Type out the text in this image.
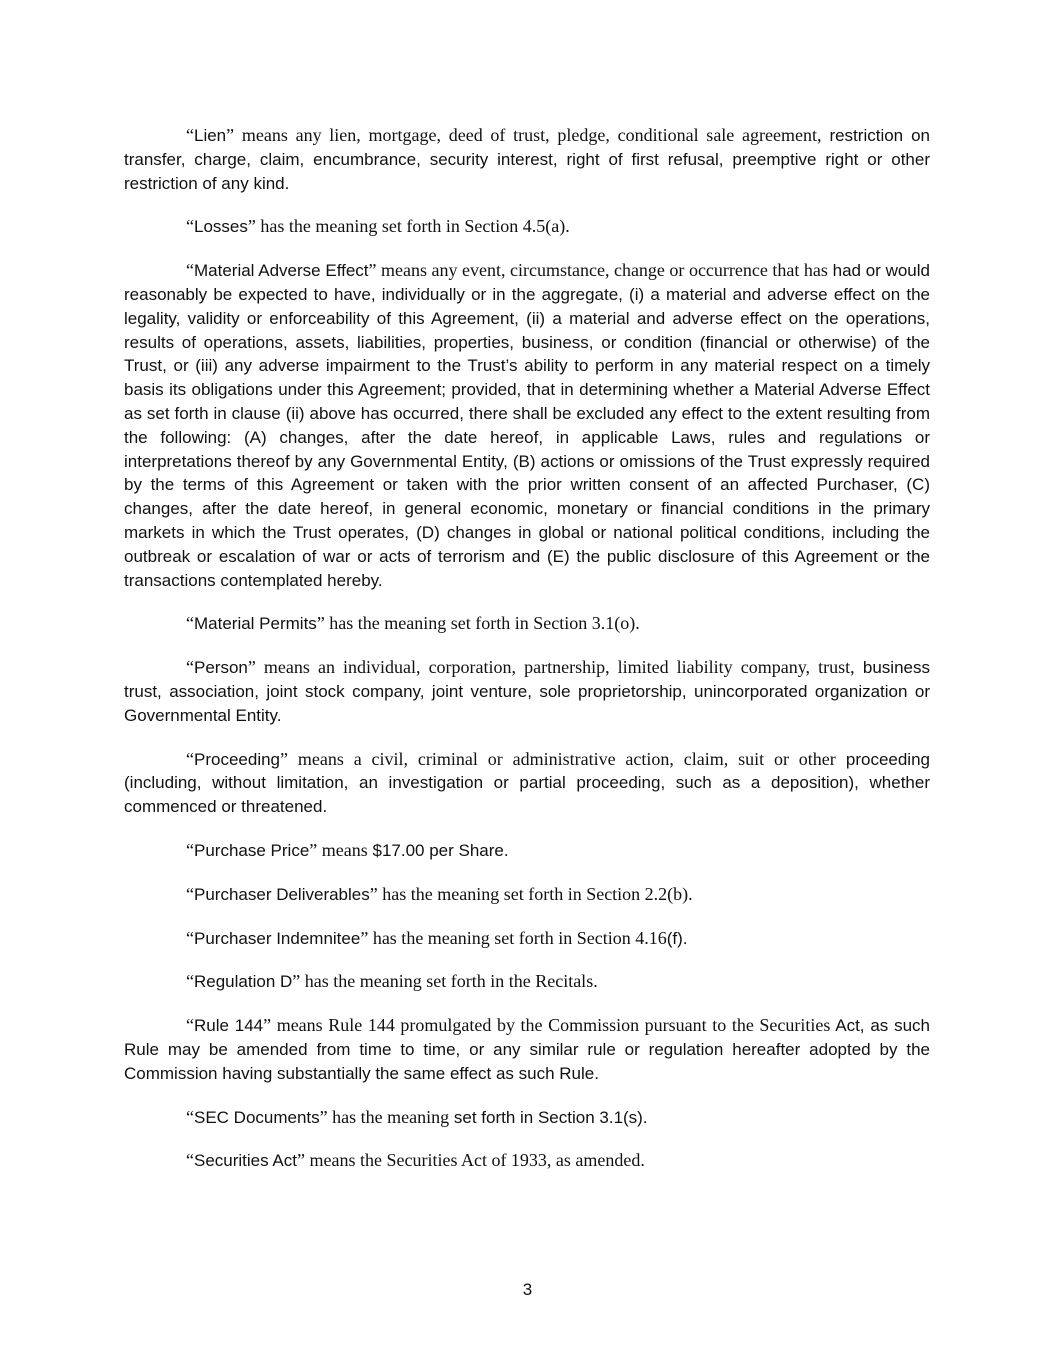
“Lien” means any lien, mortgage, deed of trust, pledge, conditional sale agreement, restriction on transfer, charge, claim, encumbrance, security interest, right of first refusal, preemptive right or other restriction of any kind.

“Losses” has the meaning set forth in Section 4.5(a).

“Material Adverse Effect” means any event, circumstance, change or occurrence that has had or would reasonably be expected to have, individually or in the aggregate, (i) a material and adverse effect on the legality, validity or enforceability of this Agreement, (ii) a material and adverse effect on the operations, results of operations, assets, liabilities, properties, business, or condition (financial or otherwise) of the Trust, or (iii) any adverse impairment to the Trust’s ability to perform in any material respect on a timely basis its obligations under this Agreement; provided, that in determining whether a Material Adverse Effect as set forth in clause (ii) above has occurred, there shall be excluded any effect to the extent resulting from the following: (A) changes, after the date hereof, in applicable Laws, rules and regulations or interpretations thereof by any Governmental Entity, (B) actions or omissions of the Trust expressly required by the terms of this Agreement or taken with the prior written consent of an affected Purchaser, (C) changes, after the date hereof, in general economic, monetary or financial conditions in the primary markets in which the Trust operates, (D) changes in global or national political conditions, including the outbreak or escalation of war or acts of terrorism and (E) the public disclosure of this Agreement or the transactions contemplated hereby.

“Material Permits” has the meaning set forth in Section 3.1(o).

“Person” means an individual, corporation, partnership, limited liability company, trust, business trust, association, joint stock company, joint venture, sole proprietorship, unincorporated organization or Governmental Entity.

“Proceeding” means a civil, criminal or administrative action, claim, suit or other proceeding (including, without limitation, an investigation or partial proceeding, such as a deposition), whether commenced or threatened.

“Purchase Price” means $17.00 per Share.

“Purchaser Deliverables” has the meaning set forth in Section 2.2(b).

“Purchaser Indemnitee” has the meaning set forth in Section 4.16(f).

“Regulation D” has the meaning set forth in the Recitals.

“Rule 144” means Rule 144 promulgated by the Commission pursuant to the Securities Act, as such Rule may be amended from time to time, or any similar rule or regulation hereafter adopted by the Commission having substantially the same effect as such Rule.

“SEC Documents” has the meaning set forth in Section 3.1(s).

“Securities Act” means the Securities Act of 1933, as amended.

3
